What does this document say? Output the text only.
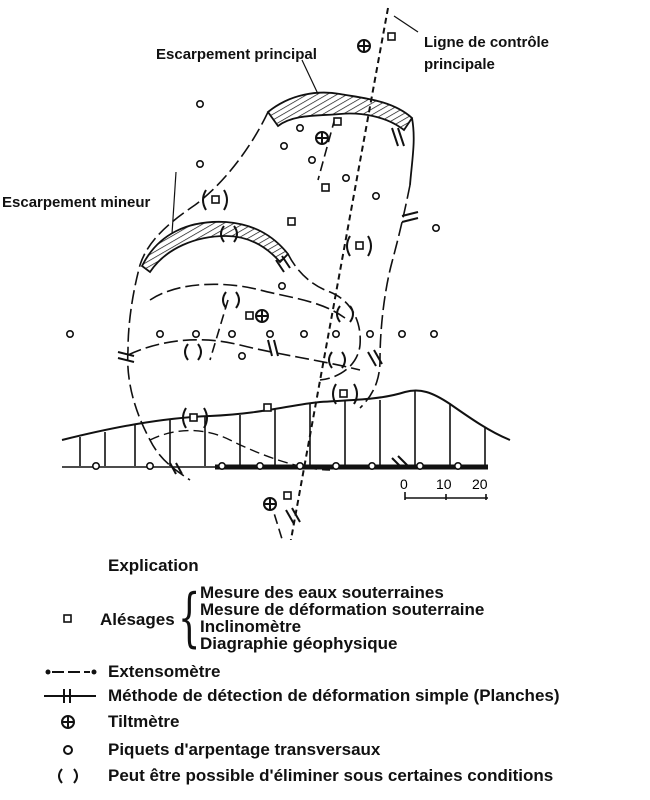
0 10 20
Escarpement principal
Escarpement mineur
Ligne de contrôle
principale
Explication
Alésages { Mesure des eaux souterraines
Mesure de déformation souterraine
Inclinomètre
Diagraphie géophysique
Extensomètre
Méthode de détection de déformation simple (Planches)
Tiltmètre
Piquets d'arpentage transversaux
Peut être possible d'éliminer sous certaines conditions
